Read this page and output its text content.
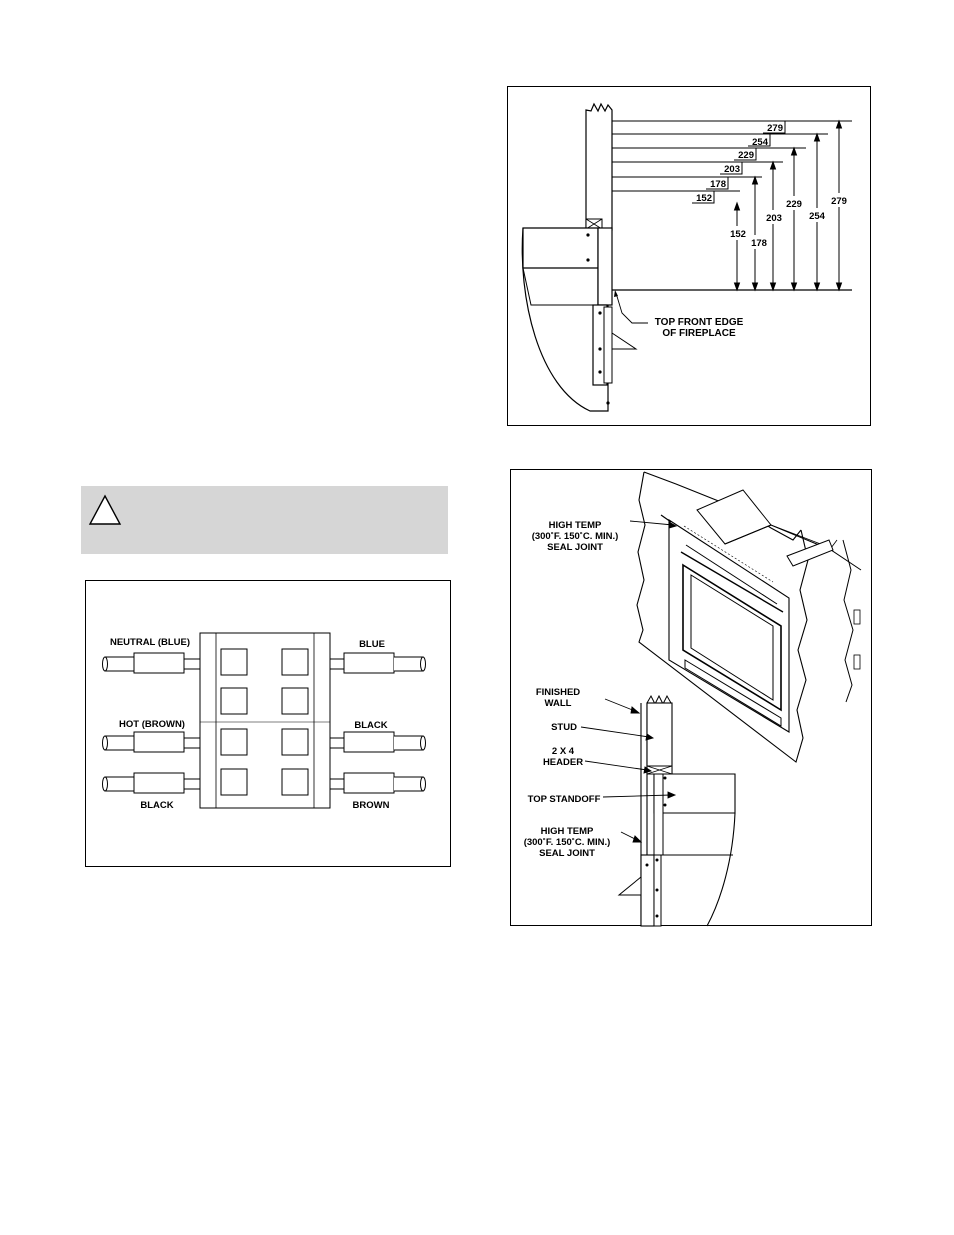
279
254
229
203
178
152	279
254
229
203
178
152
TOP FRONT EDGE
OF FIREPLACE
NEUTRAL (BLUE)
HOT (BROWN)
BLACK
BLUE
BLACK
BROWN
HIGH TEMP
(300˚F. 150˚C. MIN.)
SEAL JOINT
FINISHED
WALL
STUD
2 X 4
HEADER
TOP STANDOFF
HIGH TEMP
(300˚F. 150˚C. MIN.)
SEAL JOINT
